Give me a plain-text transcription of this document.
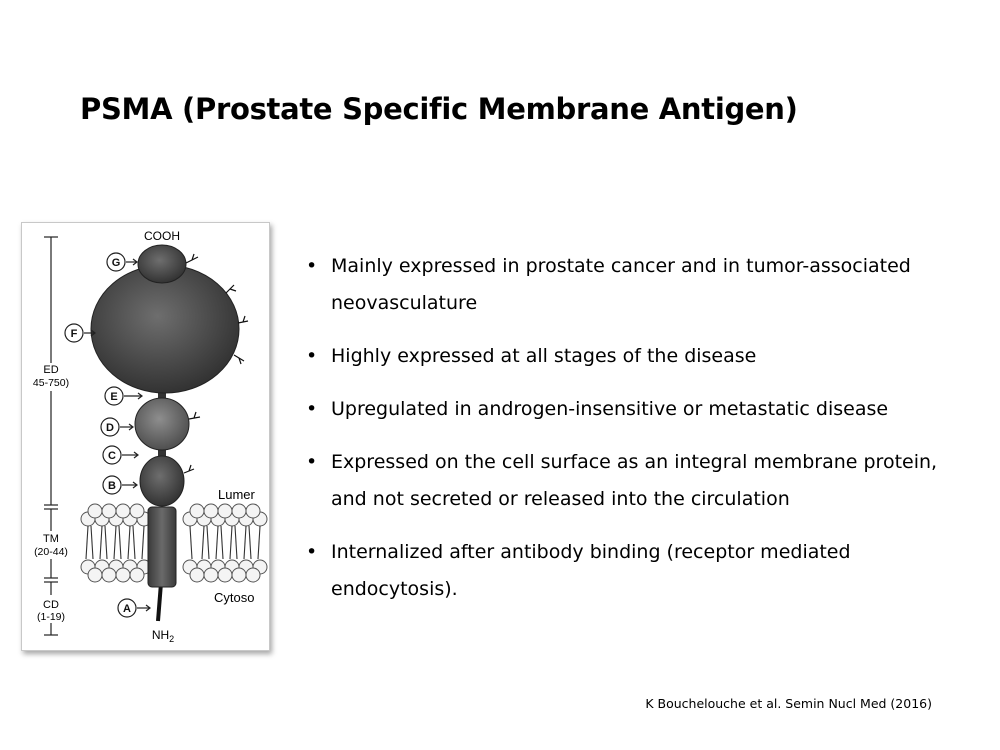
PSMA (Prostate Specific Membrane Antigen)
ED
45-750)
TM
(20-44)
CD
(1-19)
Lumer
Cytoso
COOH
$NH_2$
G
F
E
D
C
B
A
• Mainly expressed in prostate cancer and in tumor-associated neovasculature
• Highly expressed at all stages of the disease
• Upregulated in androgen-insensitive or metastatic disease
• Expressed on the cell surface as an integral membrane protein, and not secreted or released into the circulation
• Internalized after antibody binding (receptor mediated endocytosis).
K Bouchelouche et al. Semin Nucl Med (2016)
